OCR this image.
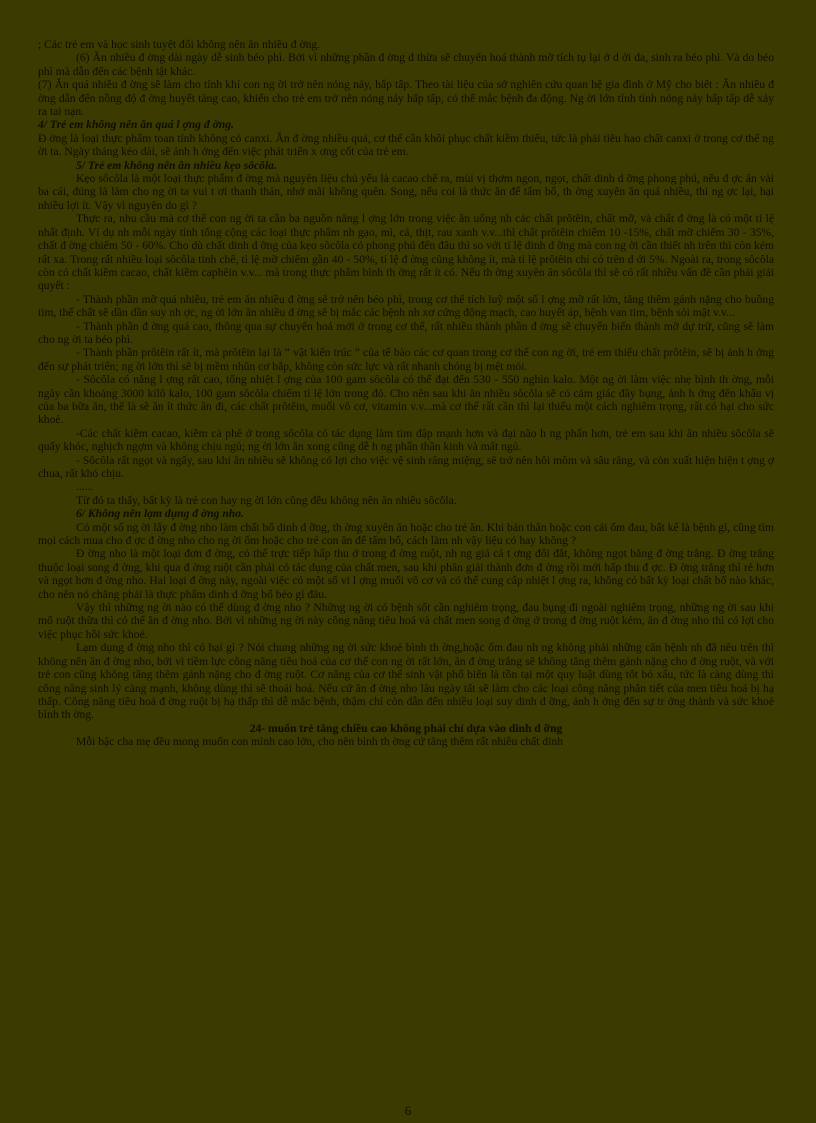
; Các trẻ em và học sinh tuyệt đối không nên ăn nhiều đ ờng.

(6) Ăn nhiều đ ờng dài ngày dễ sinh béo phì. Bởi vì những phần đ ờng d thừa sẽ chuyển hoá thành mỡ tích tụ lại ở d ới da, sinh ra béo phì. Và do béo phì mà dẫn đến các bệnh tật khác.

(7) Ăn quá nhiều đ ờng sẽ làm cho tính khí con ng ời trở nên nóng nảy, hấp tấp. Theo tài liệu của sở nghiên cứu quan hệ gia đình ở Mỹ cho biết : Ăn nhiều đ ờng dẫn đến nồng độ đ ờng huyết tăng cao, khiến cho trẻ em trở nên nóng nảy hấp tấp, có thể mắc bệnh đa động. Ng ời lớn tính tình nóng nảy hấp tấp dễ xảy ra tai nạn.

4/ Trẻ em không nên ăn quá l ợng đ ờng.

Đ ờng là loại thực phẩm toan tính không có canxi. Ăn đ ờng nhiều quá, cơ thể cần khôi phục chất kiềm thiếu, tức là phải tiêu hao chất canxi ở trong cơ thể ng ời ta. Ngày tháng kéo dài, sẽ ảnh h ởng đến việc phát triển x ơng cốt của trẻ em.

5/ Trẻ em không nên ăn nhiều kẹo sôcôla.

Kẹo sôcôla là một loại thực phẩm đ ờng mà nguyên liệu chủ yếu là cacao chế ra, mùi vị thơm ngon, ngọt, chất dinh d ỡng phong phú, nếu đ ợc ăn vài ba cái, đúng là làm cho ng ời ta vui t ơi thanh thản, nhớ mãi không quên. Song, nếu coi là thức ăn để tẩm bổ, th ờng xuyên ăn quá nhiều, thì ng ợc lại, hại nhiều lợi ít. Vậy vì nguyên do gì ?

Thực ra, nhu cầu mà cơ thể con ng ời ta cần ba nguồn năng l ợng lớn trong việc ăn uống nh các chất prôtêin, chất mỡ, và chất đ ờng là có một tỉ lệ nhất định. Ví dụ nh mỗi ngày tính tổng cộng các loại thực phẩm nh gạo, mì, cá, thịt, rau xanh v.v...thì chất prôtêin chiếm 10 -15%, chất mỡ chiếm 30 - 35%, chất đ ờng chiếm 50 - 60%. Cho dù chất dinh d ỡng của kẹo sôcôla có phong phú đến đâu thì so với tỉ lệ dinh d ỡng mà con ng ời cần thiết nh trên thì còn kém rất xa. Trong rất nhiều loại sôcôla tinh chế, tỉ lệ mỡ chiếm gần 40 - 50%, tỉ lệ đ ờng cũng không ít, mà tỉ lệ prôtêin chỉ có trên d ới 5%. Ngoài ra, trong sôcôla còn có chất kiềm cacao, chất kiềm caphêin v.v... mà trong thực phẩm bình th ờng rất ít có. Nếu th ờng xuyên ăn sôcôla thì sẽ có rất nhiều vấn đề cần phải giải quyết :

- Thành phần mỡ quá nhiều, trẻ em ăn nhiều đ ờng sẽ trở nên béo phì, trong cơ thể tích luỹ một số l ợng mỡ rất lớn, tăng thêm gánh nặng cho buồng tim, thể chất sẽ dần dần suy nh ợc, ng ời lớn ăn nhiều đ ờng sẽ bị mắc các bệnh nh xơ cứng động mạch, cao huyết áp, bệnh van tim, bệnh sỏi mật v.v...

- Thành phần đ ờng quá cao, thông qua sự chuyển hoá mới ở trong cơ thể, rất nhiều thành phần đ ờng sẽ chuyển biến thành mỡ dự trữ, cũng sẽ làm cho ng ời ta béo phì.

- Thành phần prôtêin rất ít, mà prôtêin lại là “ vật kiến trúc ” của tế bào các cơ quan trong cơ thể con ng ời, trẻ em thiếu chất prôtêin, sẽ bị ảnh h ởng đến sự phát triển; ng ời lớn thì sẽ bị mềm nhũn cơ bắp, không còn sức lực và rất nhanh chóng bị mệt mỏi.

- Sôcôla có năng l ợng rất cao, tổng nhiệt l ợng của 100 gam sôcôla có thể đạt đến 530 - 550 nghìn kalo. Một ng ời làm việc nhẹ bình th ờng, mỗi ngày cần khoảng 3000 kilô kalo, 100 gam sôcôla chiếm tỉ lệ lớn trong đó. Cho nên sau khi ăn nhiều sôcôla sẽ có cảm giác đầy bụng, ảnh h ởng đến khẩu vị của ba bữa ăn, thế là sẽ ăn ít thức ăn đi, các chất prôtêin, muối vô cơ, vitamin v.v...mà cơ thể rất cần thì lại thiếu một cách nghiêm trọng, rất có hại cho sức khoẻ.

-Các chất kiềm cacao, kiềm cà phê ở trong sôcôla có tác dụng làm tim đập mạnh hơn và đại não h ng phấn hơn, trẻ em sau khi ăn nhiều sôcôla sẽ quấy khóc, nghịch ngợm và không chịu ngủ; ng ời lớn ăn xong cũng dễ h ng phấn thần kinh và mất ngủ.

- Sôcôla rất ngọt và ngấy, sau khi ăn nhiều sẽ không có lợi cho việc vệ sinh răng miệng, sẽ trở nên hôi mồm và sâu răng, và còn xuất hiện hiện t ợng ợ chua, rất khó chịu.

......

Từ đó ta thấy, bất kỳ là trẻ con hay ng ời lớn cũng đều không nên ăn nhiều sôcôla.

6/ Không nên lạm dụng đ ờng nho.

Có một số ng ời lấy đ ờng nho làm chất bổ dinh d ỡng, th ờng xuyên ăn hoặc cho trẻ ăn. Khi bản thân hoặc con cái ốm đau, bất kể là bệnh gì, cũng tìm mọi cách mua cho đ ợc đ ờng nho cho ng ời ốm hoặc cho trẻ con ăn để tẩm bổ, cách làm nh vậy liệu có hay không ?

Đ ờng nho là một loại đơn đ ờng, có thể trực tiếp hấp thu ở trong đ ờng ruột, nh ng giá cả t ơng đối đắt, không ngọt bằng đ ờng trắng. Đ ờng trắng thuộc loại song đ ờng, khi qua đ ờng ruột cần phải có tác dụng của chất men, sau khi phân giải thành đơn đ ờng rồi mới hấp thu đ ợc. Đ ờng trắng thì rẻ hơn và ngọt hơn đ ờng nho. Hai loại đ ờng này, ngoài việc có một số vi l ợng muối vô cơ và có thể cung cấp nhiệt l ợng ra, không có bất kỳ loại chất bổ nào khác, cho nên nó chẳng phải là thực phẩm dinh d ỡng bổ béo gì đâu.

Vậy thì những ng ời nào có thể dùng đ ờng nho ? Những ng ời có bệnh sốt cần nghiêm trọng, đau bụng đi ngoài nghiêm trọng, những ng ời sau khi mổ ruột thừa thì có thể ăn đ ờng nho. Bởi vì những ng ời này công năng tiêu hoá và chất men song đ ờng ở trong đ ờng ruột kém, ăn đ ờng nho thì có lợi cho việc phục hồi sức khoẻ.

Lạm dụng đ ờng nho thì có hại gì ? Nói chung những ng ời sức khoẻ bình th ờng,hoặc ốm đau nh ng không phải những căn bệnh nh đã nêu trên thì không nên ăn đ ờng nho, bởi vì tiềm lực công năng tiêu hoá của cơ thể con ng ời rất lớn, ăn đ ờng trắng sẽ không tăng thêm gánh nặng cho đ ờng ruột, và với trẻ con cũng không tăng thêm gánh nặng cho đ ờng ruột. Cơ năng của cơ thể sinh vật phổ biến là tồn tại một quy luật dùng tốt bỏ xấu, tức là càng dùng thì công năng sinh lý càng mạnh, không dùng thì sẽ thoái hoá. Nếu cứ ăn đ ờng nho lâu ngày tất sẽ làm cho các loại công năng phân tiết của men tiêu hoá bị hạ thấp. Công năng tiêu hoá đ ờng ruột bị hạ thấp thì dễ mắc bệnh, thậm chí còn dẫn đến nhiều loại suy dinh d ỡng, ảnh h ởng đến sự tr ởng thành và sức khoẻ bình th ờng.

24- muốn trẻ tăng chiều cao không phải chỉ dựa vào dinh d ỡng

Mỗi bậc cha mẹ đều mong muốn con mình cao lớn, cho nên bình th ờng cứ tăng thêm rất nhiều chất dinh

6
